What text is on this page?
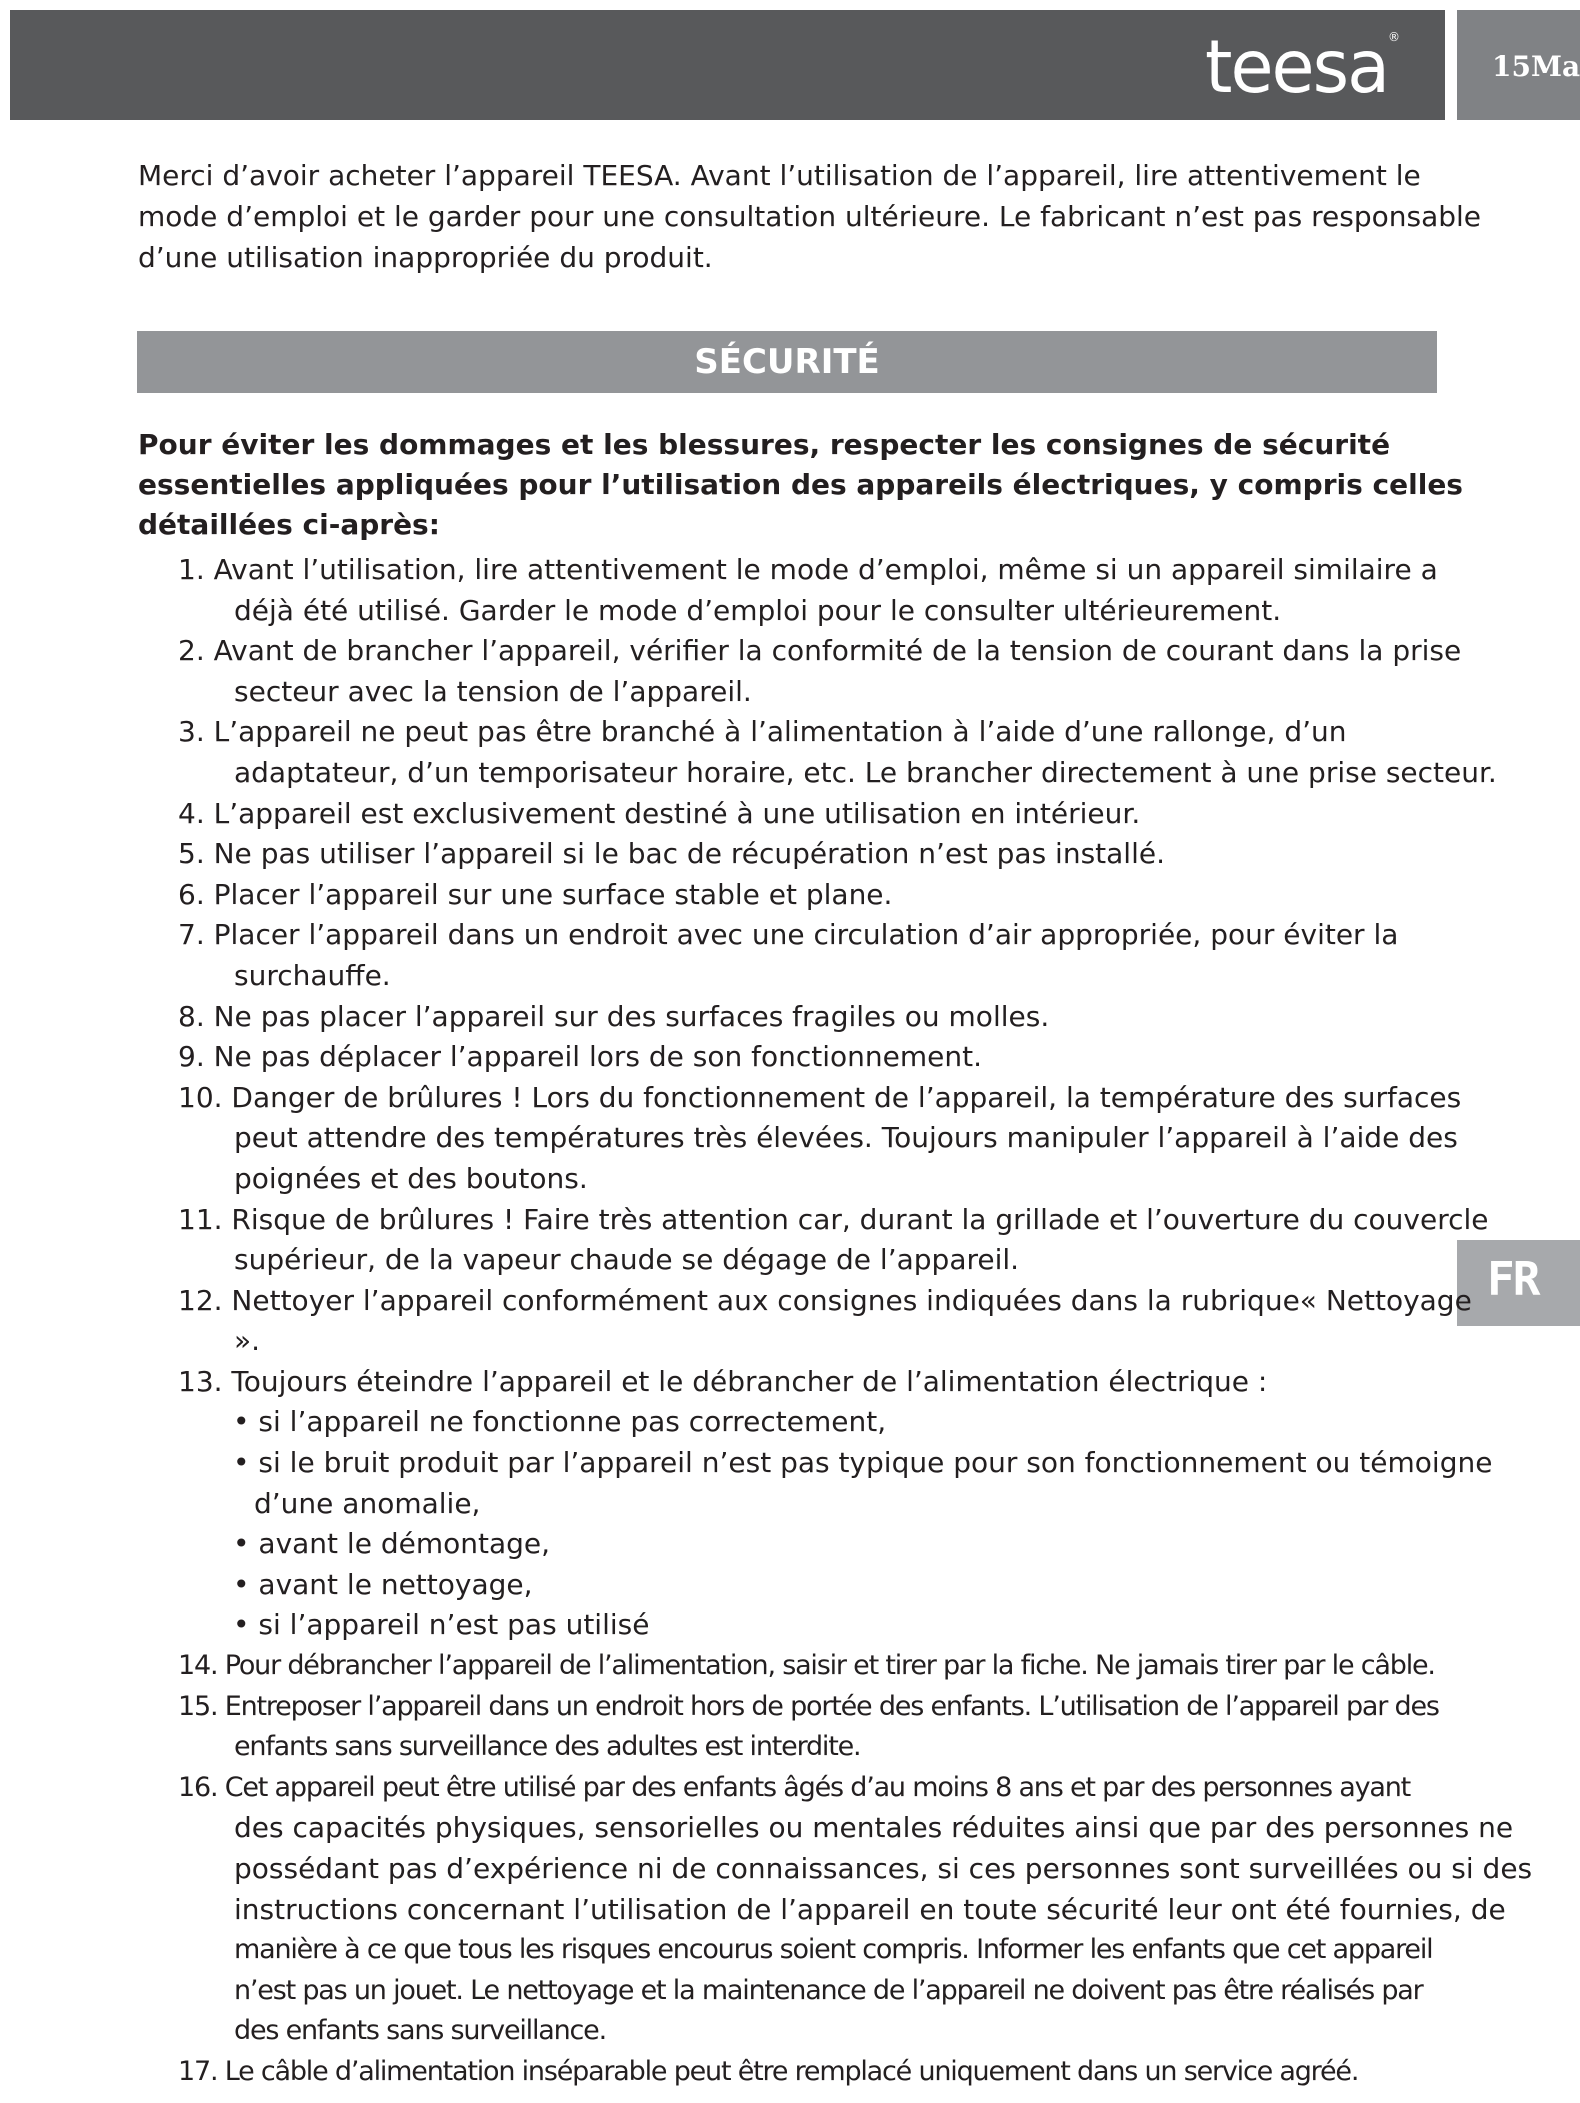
teesa®
15Ma
FR
Merci d’avoir acheter l’appareil TEESA. Avant l’utilisation de l’appareil, lire attentivement le
mode d’emploi et le garder pour une consultation ultérieure. Le fabricant n’est pas responsable
d’une utilisation inappropriée du produit.
SÉCURITÉ
Pour éviter les dommages et les blessures, respecter les consignes de sécurité
essentielles appliquées pour l’utilisation des appareils électriques, y compris celles
détaillées ci-après:
1. Avant l’utilisation, lire attentivement le mode d’emploi, même si un appareil similaire a
déjà été utilisé. Garder le mode d’emploi pour le consulter ultérieurement.
2. Avant de brancher l’appareil, vérifier la conformité de la tension de courant dans la prise
secteur avec la tension de l’appareil.
3. L’appareil ne peut pas être branché à l’alimentation à l’aide d’une rallonge, d’un
adaptateur, d’un temporisateur horaire, etc. Le brancher directement à une prise secteur.
4. L’appareil est exclusivement destiné à une utilisation en intérieur.
5. Ne pas utiliser l’appareil si le bac de récupération n’est pas installé.
6. Placer l’appareil sur une surface stable et plane.
7. Placer l’appareil dans un endroit avec une circulation d’air appropriée, pour éviter la
surchauffe.
8. Ne pas placer l’appareil sur des surfaces fragiles ou molles.
9. Ne pas déplacer l’appareil lors de son fonctionnement.
10. Danger de brûlures ! Lors du fonctionnement de l’appareil, la température des surfaces
peut attendre des températures très élevées. Toujours manipuler l’appareil à l’aide des
poignées et des boutons.
11. Risque de brûlures ! Faire très attention car, durant la grillade et l’ouverture du couvercle
supérieur, de la vapeur chaude se dégage de l’appareil.
12. Nettoyer l’appareil conformément aux consignes indiquées dans la rubrique« Nettoyage
».
13. Toujours éteindre l’appareil et le débrancher de l’alimentation électrique :
• si l’appareil ne fonctionne pas correctement,
• si le bruit produit par l’appareil n’est pas typique pour son fonctionnement ou témoigne
d’une anomalie,
• avant le démontage,
• avant le nettoyage,
• si l’appareil n’est pas utilisé
14. Pour débrancher l’appareil de l’alimentation, saisir et tirer par la fiche. Ne jamais tirer par le câble.
15. Entreposer l’appareil dans un endroit hors de portée des enfants. L’utilisation de l’appareil par des
enfants sans surveillance des adultes est interdite.
16. Cet appareil peut être utilisé par des enfants âgés d’au moins 8 ans et par des personnes ayant
des capacités physiques, sensorielles ou mentales réduites ainsi que par des personnes ne
possédant pas d’expérience ni de connaissances, si ces personnes sont surveillées ou si des
instructions concernant l’utilisation de l’appareil en toute sécurité leur ont été fournies, de
manière à ce que tous les risques encourus soient compris. Informer les enfants que cet appareil
n’est pas un jouet. Le nettoyage et la maintenance de l’appareil ne doivent pas être réalisés par
des enfants sans surveillance.
17. Le câble d’alimentation inséparable peut être remplacé uniquement dans un service agréé.
